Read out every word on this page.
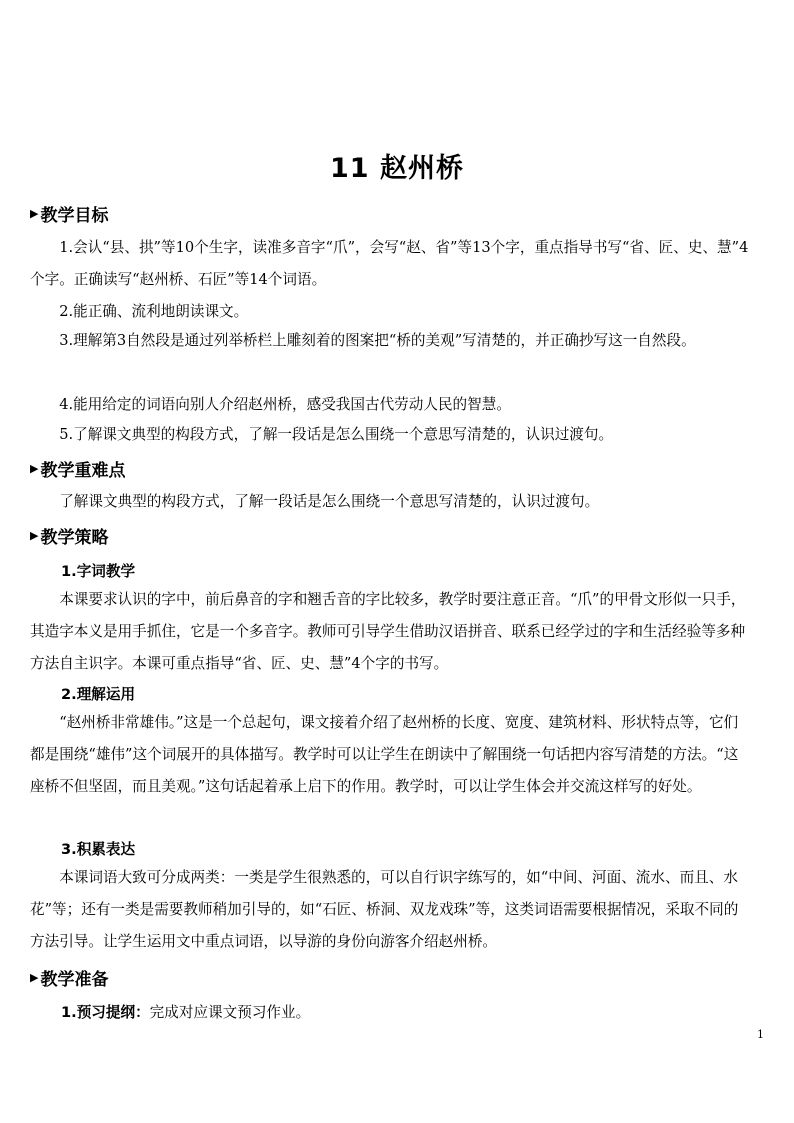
11 赵州桥
▶ 教学目标
1.会认“县、拱”等10个生字，读准多音字“爪”，会写“赵、省”等13个字，重点指导书写“省、匠、史、慧”4个字。正确读写“赵州桥、石匠”等14个词语。
2.能正确、流利地朗读课文。
3.理解第3自然段是通过列举桥栏上雕刻着的图案把“桥的美观”写清楚的，并正确抄写这一自然段。
4.能用给定的词语向别人介绍赵州桥，感受我国古代劳动人民的智慧。
5.了解课文典型的构段方式，了解一段话是怎么围绕一个意思写清楚的，认识过渡句。
▶ 教学重难点
了解课文典型的构段方式，了解一段话是怎么围绕一个意思写清楚的，认识过渡句。
▶ 教学策略
1.字词教学
本课要求认识的字中，前后鼻音的字和翘舌音的字比较多，教学时要注意正音。“爪”的甲骨文形似一只手，其造字本义是用手抓住，它是一个多音字。教师可引导学生借助汉语拼音、联系已经学过的字和生活经验等多种方法自主识字。本课可重点指导“省、匠、史、慧”4个字的书写。
2.理解运用
“赵州桥非常雄伟。”这是一个总起句，课文接着介绍了赵州桥的长度、宽度、建筑材料、形状特点等，它们都是围绕“雄伟”这个词展开的具体描写。教学时可以让学生在朗读中了解围绕一句话把内容写清楚的方法。“这座桥不但坚固，而且美观。”这句话起着承上启下的作用。教学时，可以让学生体会并交流这样写的好处。
3.积累表达
本课词语大致可分成两类：一类是学生很熟悉的，可以自行识字练写的，如“中间、河面、流水、而且、水花”等；还有一类是需要教师稍加引导的，如“石匠、桥洞、双龙戏珠”等，这类词语需要根据情况，采取不同的方法引导。让学生运用文中重点词语，以导游的身份向游客介绍赵州桥。
▶ 教学准备
1.预习提纲：完成对应课文预习作业。
1
